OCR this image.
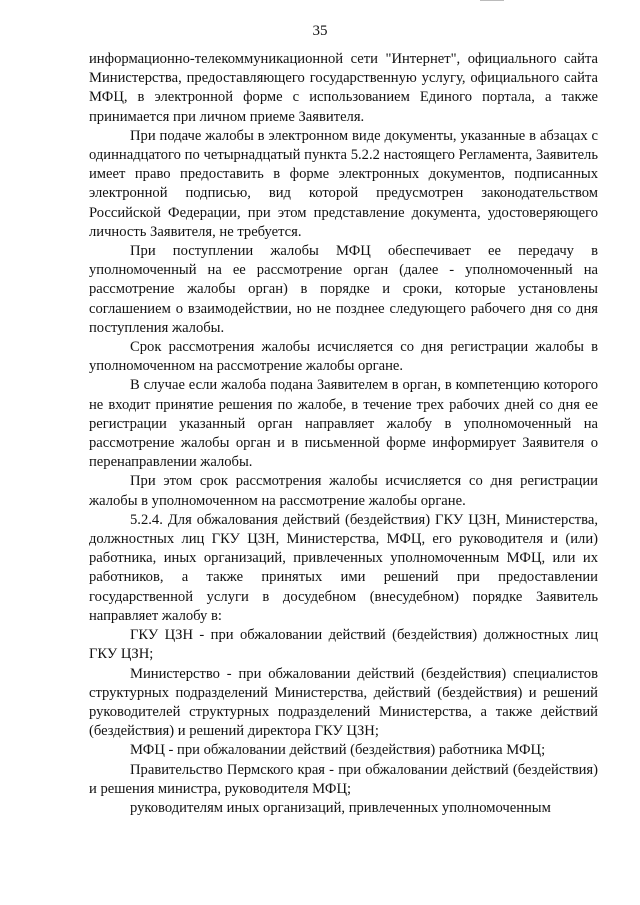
35

информационно-телекоммуникационной сети "Интернет", официального сайта Министерства, предоставляющего государственную услугу, официального сайта МФЦ, в электронной форме с использованием Единого портала, а также принимается при личном приеме Заявителя.

При подаче жалобы в электронном виде документы, указанные в абзацах с одиннадцатого по четырнадцатый пункта 5.2.2 настоящего Регламента, Заявитель имеет право предоставить в форме электронных документов, подписанных электронной подписью, вид которой предусмотрен законодательством Российской Федерации, при этом представление документа, удостоверяющего личность Заявителя, не требуется.

При поступлении жалобы МФЦ обеспечивает ее передачу в уполномоченный на ее рассмотрение орган (далее - уполномоченный на рассмотрение жалобы орган) в порядке и сроки, которые установлены соглашением о взаимодействии, но не позднее следующего рабочего дня со дня поступления жалобы.

Срок рассмотрения жалобы исчисляется со дня регистрации жалобы в уполномоченном на рассмотрение жалобы органе.

В случае если жалоба подана Заявителем в орган, в компетенцию которого не входит принятие решения по жалобе, в течение трех рабочих дней со дня ее регистрации указанный орган направляет жалобу в уполномоченный на рассмотрение жалобы орган и в письменной форме информирует Заявителя о перенаправлении жалобы.

При этом срок рассмотрения жалобы исчисляется со дня регистрации жалобы в уполномоченном на рассмотрение жалобы органе.

5.2.4. Для обжалования действий (бездействия) ГКУ ЦЗН, Министерства, должностных лиц ГКУ ЦЗН, Министерства, МФЦ, его руководителя и (или) работника, иных организаций, привлеченных уполномоченным МФЦ, или их работников, а также принятых ими решений при предоставлении государственной услуги в досудебном (внесудебном) порядке Заявитель направляет жалобу в:

ГКУ ЦЗН - при обжаловании действий (бездействия) должностных лиц ГКУ ЦЗН;

Министерство - при обжаловании действий (бездействия) специалистов структурных подразделений Министерства, действий (бездействия) и решений руководителей структурных подразделений Министерства, а также действий (бездействия) и решений директора ГКУ ЦЗН;

МФЦ - при обжаловании действий (бездействия) работника МФЦ;

Правительство Пермского края - при обжаловании действий (бездействия) и решения министра, руководителя МФЦ;

руководителям иных организаций, привлеченных уполномоченным
